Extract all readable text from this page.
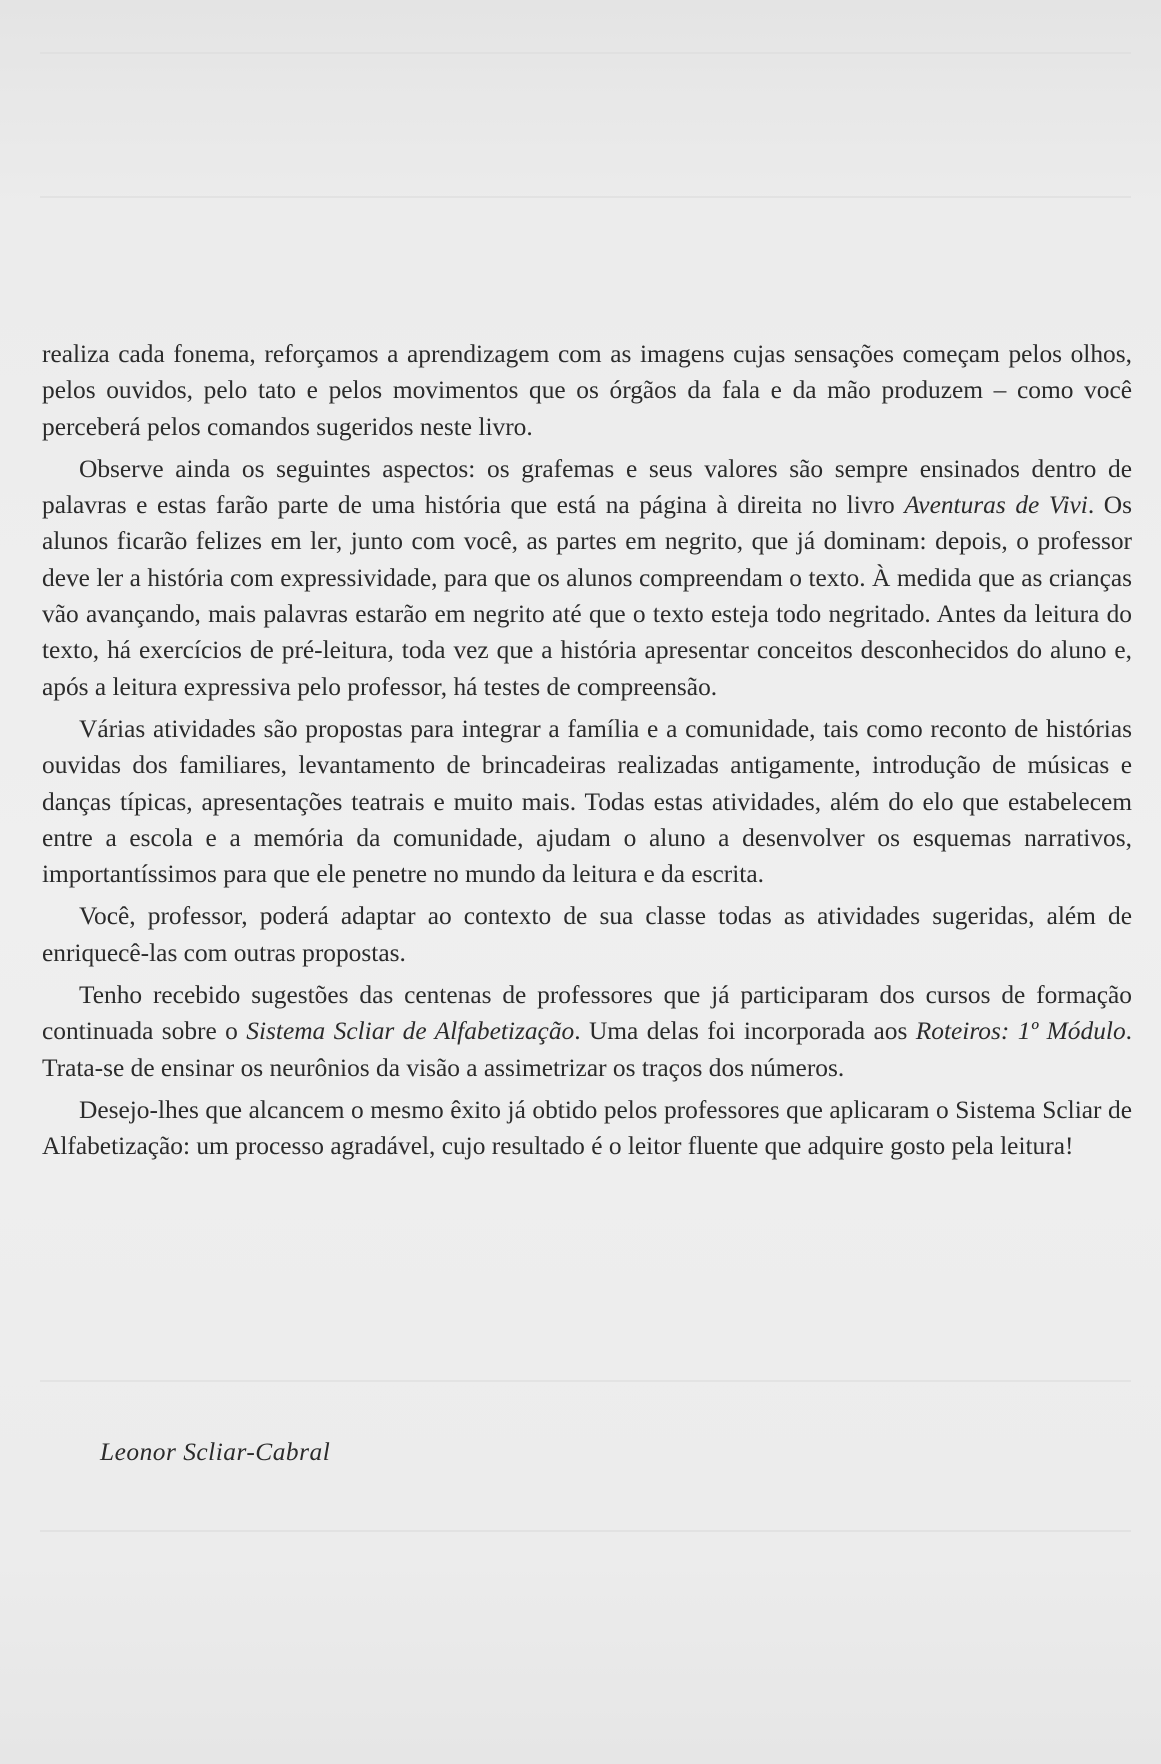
realiza cada fonema, reforçamos a aprendizagem com as imagens cujas sensações começam pelos olhos, pelos ouvidos, pelo tato e pelos movimentos que os órgãos da fala e da mão produzem – como você perceberá pelos comandos sugeridos neste livro.

Observe ainda os seguintes aspectos: os grafemas e seus valores são sempre ensinados dentro de palavras e estas farão parte de uma história que está na página à direita no livro Aventuras de Vivi. Os alunos ficarão felizes em ler, junto com você, as partes em negrito, que já dominam: depois, o professor deve ler a história com expressividade, para que os alunos compreendam o texto. À medida que as crianças vão avançando, mais palavras estarão em negrito até que o texto esteja todo negritado. Antes da leitura do texto, há exercícios de pré-leitura, toda vez que a história apresentar conceitos desconhecidos do aluno e, após a leitura expressiva pelo professor, há testes de compreensão.

Várias atividades são propostas para integrar a família e a comunidade, tais como reconto de histórias ouvidas dos familiares, levantamento de brincadeiras realizadas antigamente, introdução de músicas e danças típicas, apresentações teatrais e muito mais. Todas estas atividades, além do elo que estabelecem entre a escola e a memória da comunidade, ajudam o aluno a desenvolver os esquemas narrativos, importantíssimos para que ele penetre no mundo da leitura e da escrita.

Você, professor, poderá adaptar ao contexto de sua classe todas as atividades sugeridas, além de enriquecê-las com outras propostas.

Tenho recebido sugestões das centenas de professores que já participaram dos cursos de formação continuada sobre o Sistema Scliar de Alfabetização. Uma delas foi incorporada aos Roteiros: 1º Módulo. Trata-se de ensinar os neurônios da visão a assimetrizar os traços dos números.

Desejo-lhes que alcancem o mesmo êxito já obtido pelos professores que aplicaram o Sistema Scliar de Alfabetização: um processo agradável, cujo resultado é o leitor fluente que adquire gosto pela leitura!

Leonor Scliar-Cabral
